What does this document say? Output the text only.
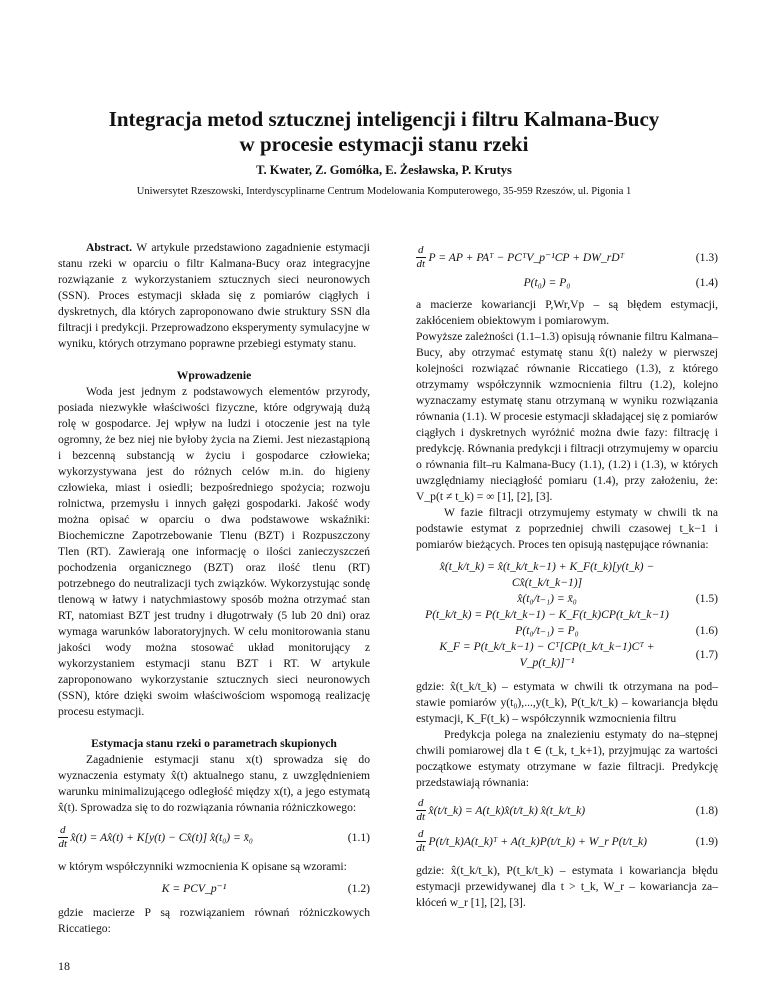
Integracja metod sztucznej inteligencji i filtru Kalmana-Bucy
w procesie estymacji stanu rzeki
T. Kwater, Z. Gomółka, E. Żesławska, P. Krutys
Uniwersytet Rzeszowski, Interdyscyplinarne Centrum Modelowania Komputerowego, 35-959 Rzeszów, ul. Pigonia 1

Abstract. W artykule przedstawiono zagadnienie estymacji stanu rzeki w oparciu o filtr Kalmana-Bucy oraz integracyjne rozwiązanie z wykorzystaniem sztucznych sieci neuronowych (SSN). Proces estymacji składa się z pomiarów ciągłych i dyskretnych, dla których zaproponowano dwie struktury SSN dla filtracji i predykcji. Przeprowadzono eksperymenty symulacyjne w wyniku, których otrzymano poprawne przebiegi estymaty stanu.

Wprowadzenie

Woda jest jednym z podstawowych elementów przyrody, posiada niezwykłe właściwości fizyczne, które odgrywają dużą rolę w gospodarce. Jej wpływ na ludzi i otoczenie jest na tyle ogromny, że bez niej nie byłoby życia na Ziemi. Jest niezastąpioną i bezcenną substancją w życiu i gospodarce człowieka; wykorzystywana jest do różnych celów m.in. do higieny człowieka, miast i osiedli; bezpośredniego spożycia; rozwoju rolnictwa, przemysłu i innych gałęzi gospodarki. Jakość wody można opisać w oparciu o dwa podstawowe wskaźniki: Biochemiczne Zapotrzebowanie Tlenu (BZT) i Rozpuszczony Tlen (RT). Zawierają one informację o ilości zanieczyszczeń pochodzenia organicznego (BZT) oraz ilość tlenu (RT) potrzebnego do neutralizacji tych związków. Wykorzystując sondę tlenową w łatwy i natychmiastowy sposób można otrzymać stan RT, natomiast BZT jest trudny i długotrwały (5 lub 20 dni) oraz wymaga warunków laboratoryjnych. W celu monitorowania stanu jakości wody można stosować układ monitorujący z wykorzystaniem estymacji stanu BZT i RT. W artykule zaproponowano wykorzystanie sztucznych sieci neuronowych (SSN), które dzięki swoim właściwościom wspomogą realizację procesu estymacji.

Estymacja stanu rzeki o parametrach skupionych

Zagadnienie estymacji stanu x(t) sprowadza się do wyznaczenia estymaty x̂(t) aktualnego stanu, z uwzględnieniem warunku minimalizującego odległość między x(t), a jego estymatą x̂(t). Sprowadza się to do rozwiązania równania różniczkowego:

$\frac{d}{dt}$ x̂(t) = Ax̂(t) + K[y(t) − Cx̂(t)] x̂(t₀) = x̄₀	(1.1)

w którym współczynniki wzmocnienia K opisane są wzorami:

K = PCV_p⁻¹	(1.2)

gdzie macierze P są rozwiązaniem równań różniczkowych Riccatiego:

$\frac{d}{dt}$ P = AP + PAᵀ − PCᵀV_p⁻¹CP + DW_rDᵀ	(1.3)
P(t₀) = P₀	(1.4)

a macierze kowariancji P,Wr,Vp – są błędem estymacji, zakłóceniem obiektowym i pomiarowym.

Powyższe zależności (1.1–1.3) opisują równanie filtru Kalmana–Bucy, aby otrzymać estymatę stanu x̂(t) należy w pierwszej kolejności rozwiązać równanie Riccatiego (1.3), z którego otrzymamy współczynnik wzmocnienia filtru (1.2), kolejno wyznaczamy estymatę stanu otrzymaną w wyniku rozwiązania równania (1.1). W procesie estymacji składającej się z pomiarów ciągłych i dyskretnych wyróżnić można dwie fazy: filtrację i predykcję. Równania predykcji i filtracji otrzymujemy w oparciu o równania filt–ru Kalmana-Bucy (1.1), (1.2) i (1.3), w których uwzględniamy nieciągłość pomiaru (1.4), przy założeniu, że: V_p(t ≠ t_k) = ∞ [1], [2], [3].

W fazie filtracji otrzymujemy estymaty w chwili tk na podstawie estymat z poprzedniej chwili czasowej t_k−1 i pomiarów bieżących. Proces ten opisują następujące równania:

x̂(t_k/t_k) = x̂(t_k/t_k−1) + K_F(t_k)[y(t_k) − Cx̂(t_k/t_k−1)]
x̂(t₀/t₋₁) = x̄₀	(1.5)
P(t_k/t_k) = P(t_k/t_k−1) − K_F(t_k)CP(t_k/t_k−1)
P(t₀/t₋₁) = P₀	(1.6)
K_F = P(t_k/t_k−1) − Cᵀ[CP(t_k/t_k−1)Cᵀ + V_p(t_k)]⁻¹
(1.7)

gdzie: x̂(t_k/t_k) – estymata w chwili tk otrzymana na pod–stawie pomiarów y(t₀),...,y(t_k), P(t_k/t_k) – kowariancja błędu estymacji, K_F(t_k) – współczynnik wzmocnienia filtru

Predykcja polega na znalezieniu estymaty do na–stępnej chwili pomiarowej dla t ∈ (t_k, t_k+1), przyjmując za wartości początkowe estymaty otrzymane w fazie filtracji. Predykcję przedstawiają równania:

$\frac{d}{dt}$ x̂(t/t_k) = A(t_k)x̂(t/t_k) x̂(t_k/t_k)	(1.8)
$\frac{d}{dt}$ P(t/t_k)A(t_k)ᵀ + A(t_k)P(t/t_k) + W_r P(t/t_k)	(1.9)

gdzie: x̂(t_k/t_k), P(t_k/t_k) – estymata i kowariancja błędu estymacji przewidywanej dla t > t_k, W_r – kowariancja za–kłóceń w_r [1], [2], [3].

18
